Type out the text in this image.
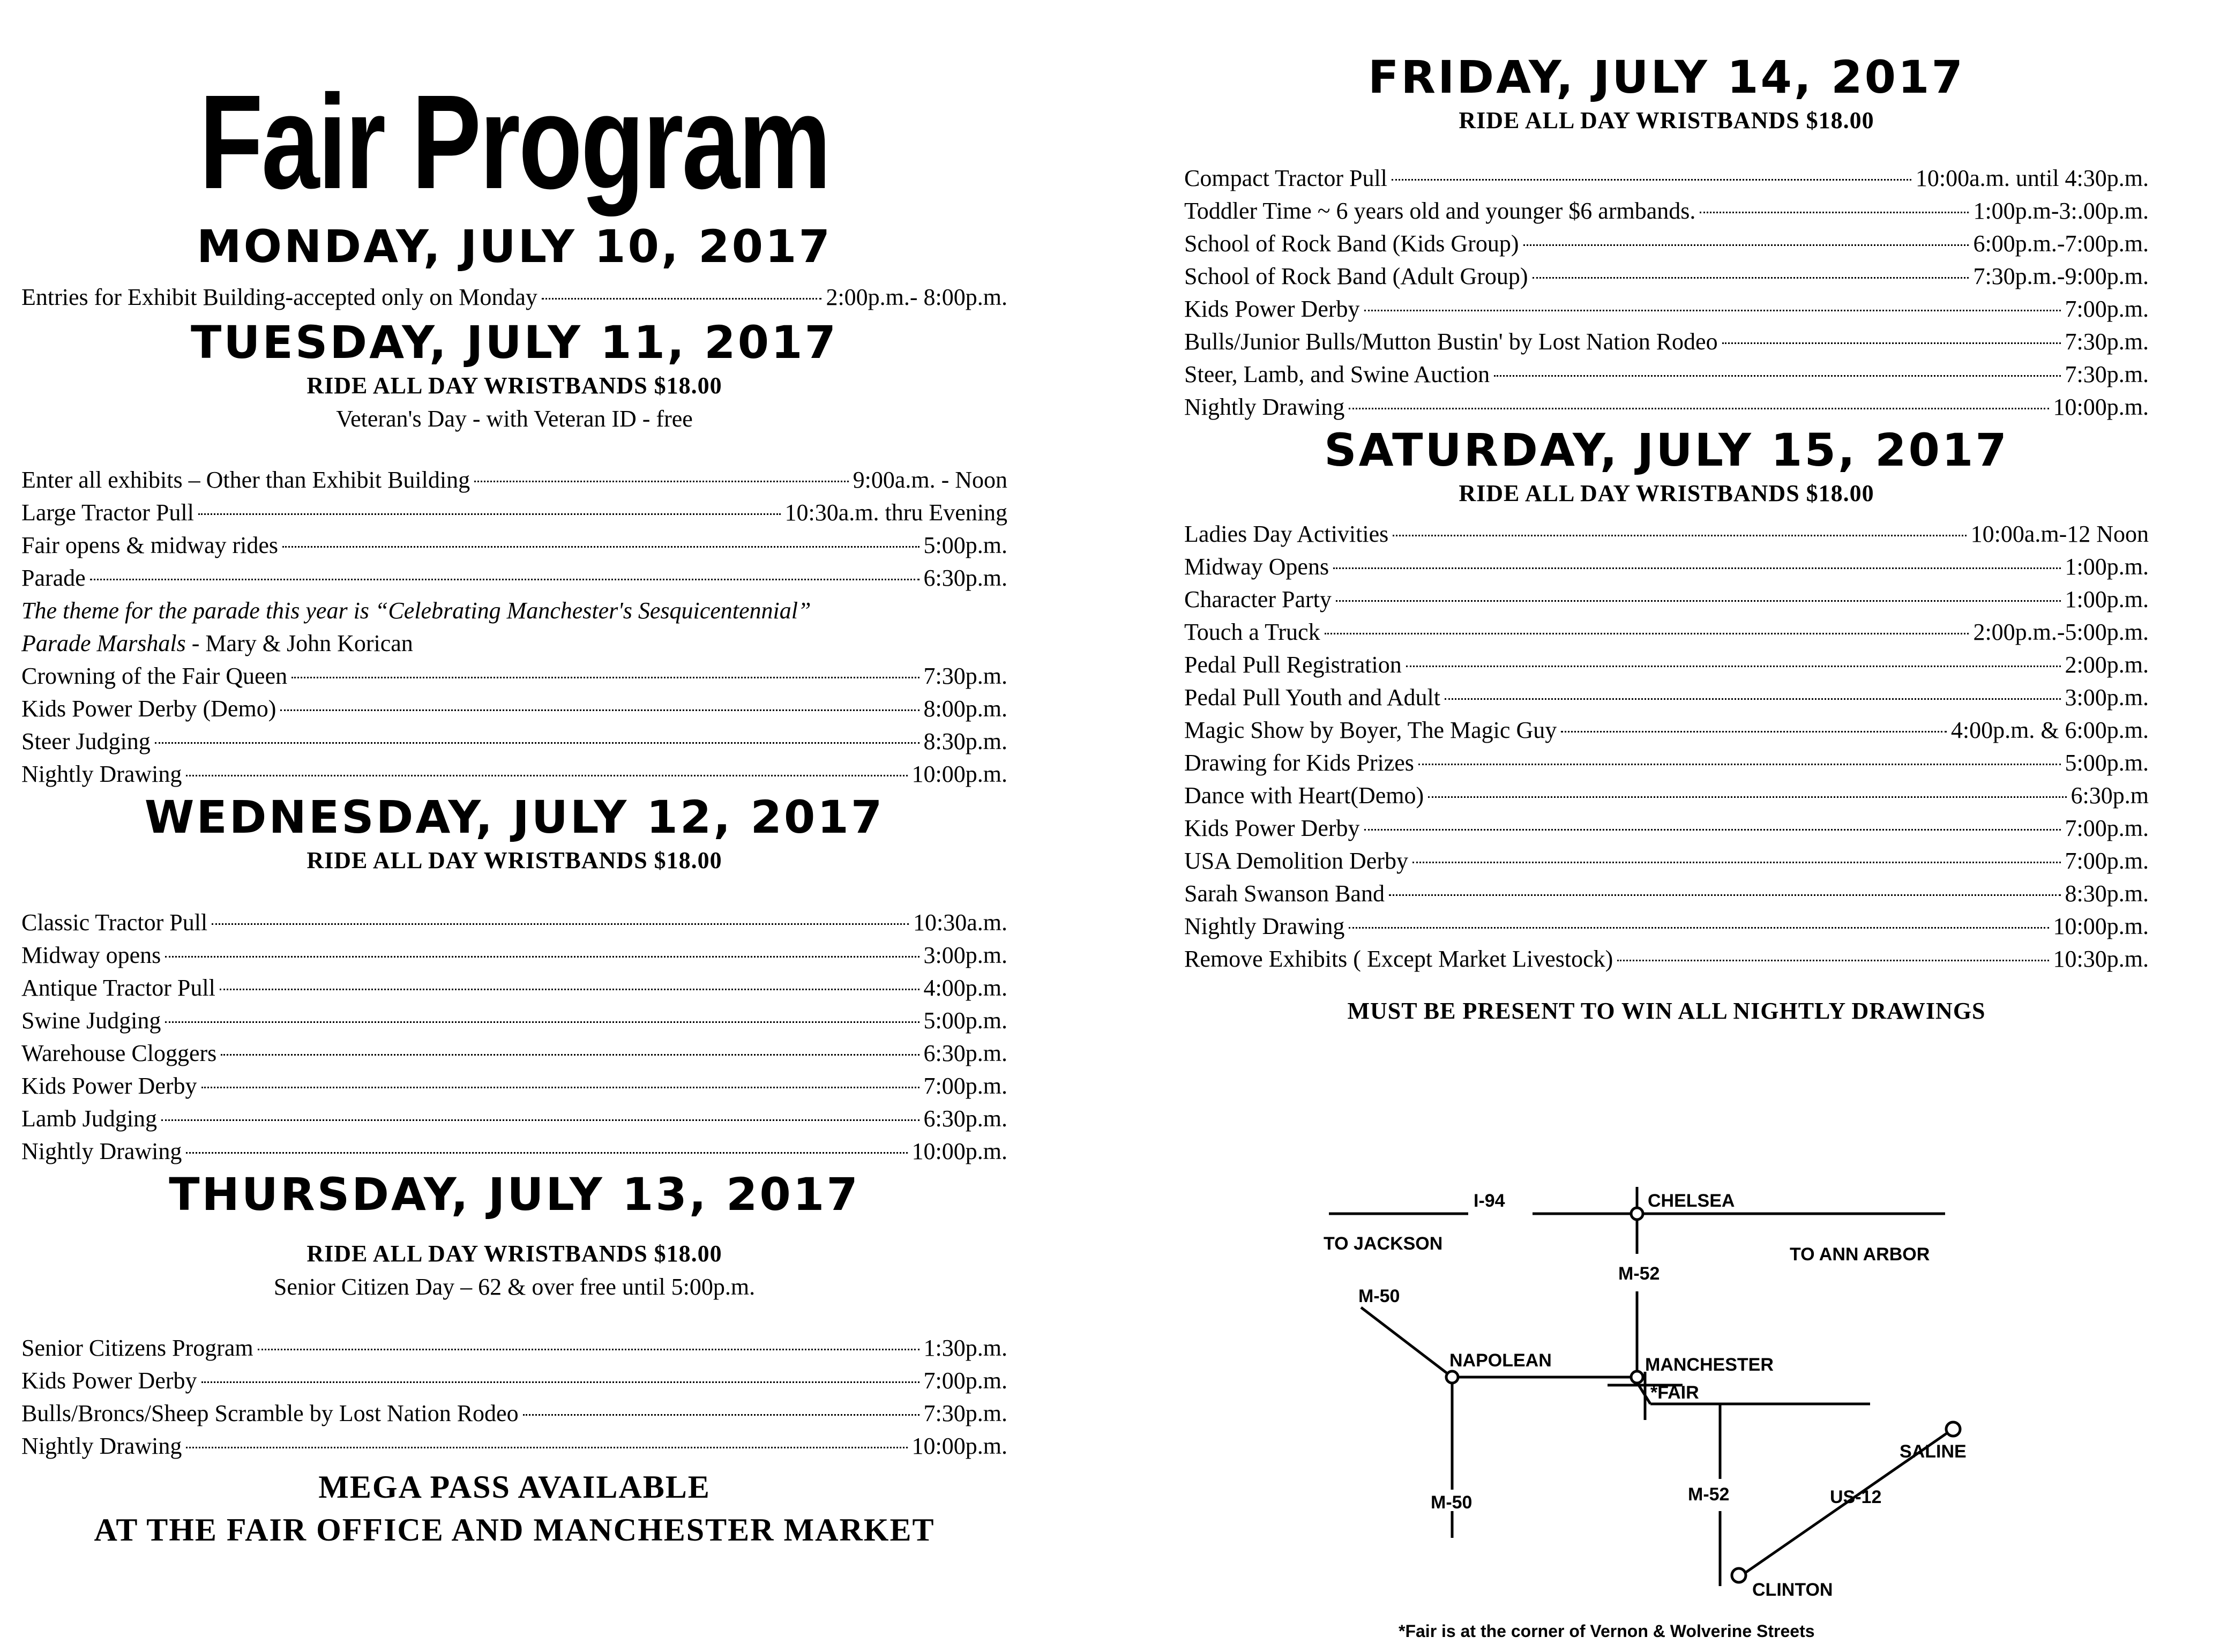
Fair Program
MONDAY, JULY 10, 2017
Entries for Exhibit Building-accepted only on Monday	2:00p.m.- 8:00p.m.
TUESDAY, JULY 11, 2017
RIDE ALL DAY WRISTBANDS $18.00
Veteran's Day - with Veteran ID - free
Enter all exhibits – Other than Exhibit Building	9:00a.m. - Noon
Large Tractor Pull	10:30a.m. thru Evening
Fair opens & midway rides	5:00p.m.
Parade	6:30p.m.
The theme for the parade this year is “Celebrating Manchester's Sesquicentennial”
Parade Marshals - Mary & John Korican
Crowning of the Fair Queen	7:30p.m.
Kids Power Derby (Demo)	8:00p.m.
Steer Judging	8:30p.m.
Nightly Drawing	10:00p.m.
WEDNESDAY, JULY 12, 2017
RIDE ALL DAY WRISTBANDS $18.00
Classic Tractor Pull	10:30a.m.
Midway opens	3:00p.m.
Antique Tractor Pull	4:00p.m.
Swine Judging	5:00p.m.
Warehouse Cloggers	6:30p.m.
Kids Power Derby	7:00p.m.
Lamb Judging	6:30p.m.
Nightly Drawing	10:00p.m.
THURSDAY, JULY 13, 2017
RIDE ALL DAY WRISTBANDS $18.00
Senior Citizen Day – 62 & over free until 5:00p.m.
Senior Citizens Program	1:30p.m.
Kids Power Derby	7:00p.m.
Bulls/Broncs/Sheep Scramble by Lost Nation Rodeo	7:30p.m.
Nightly Drawing	10:00p.m.
MEGA PASS AVAILABLE
AT THE FAIR OFFICE AND MANCHESTER MARKET
FRIDAY, JULY 14, 2017
RIDE ALL DAY WRISTBANDS $18.00
Compact Tractor Pull	10:00a.m. until 4:30p.m.
Toddler Time ~ 6 years old and younger $6 armbands.	1:00p.m-3:.00p.m.
School of Rock Band (Kids Group)	6:00p.m.-7:00p.m.
School of Rock Band (Adult Group)	7:30p.m.-9:00p.m.
Kids Power Derby	7:00p.m.
Bulls/Junior Bulls/Mutton Bustin' by Lost Nation Rodeo	7:30p.m.
Steer, Lamb, and Swine Auction	7:30p.m.
Nightly Drawing	10:00p.m.
SATURDAY, JULY 15, 2017
RIDE ALL DAY WRISTBANDS $18.00
Ladies Day Activities	10:00a.m-12 Noon
Midway Opens	1:00p.m.
Character Party	1:00p.m.
Touch a Truck	2:00p.m.-5:00p.m.
Pedal Pull Registration	2:00p.m.
Pedal Pull Youth and Adult	3:00p.m.
Magic Show by Boyer, The Magic Guy	4:00p.m. & 6:00p.m.
Drawing for Kids Prizes	5:00p.m.
Dance with Heart(Demo)	6:30p.m
Kids Power Derby	7:00p.m.
USA Demolition Derby	7:00p.m.
Sarah Swanson Band	8:30p.m.
Nightly Drawing	10:00p.m.
Remove Exhibits ( Except Market Livestock)	10:30p.m.
MUST BE PRESENT TO WIN ALL NIGHTLY DRAWINGS
I-94	CHELSEA
TO JACKSON
TO ANN ARBOR
M-52
M-50
NAPOLEAN	MANCHESTER
*FAIR
SALINE
M-50	M-52	US-12
CLINTON
*Fair is at the corner of Vernon & Wolverine Streets
